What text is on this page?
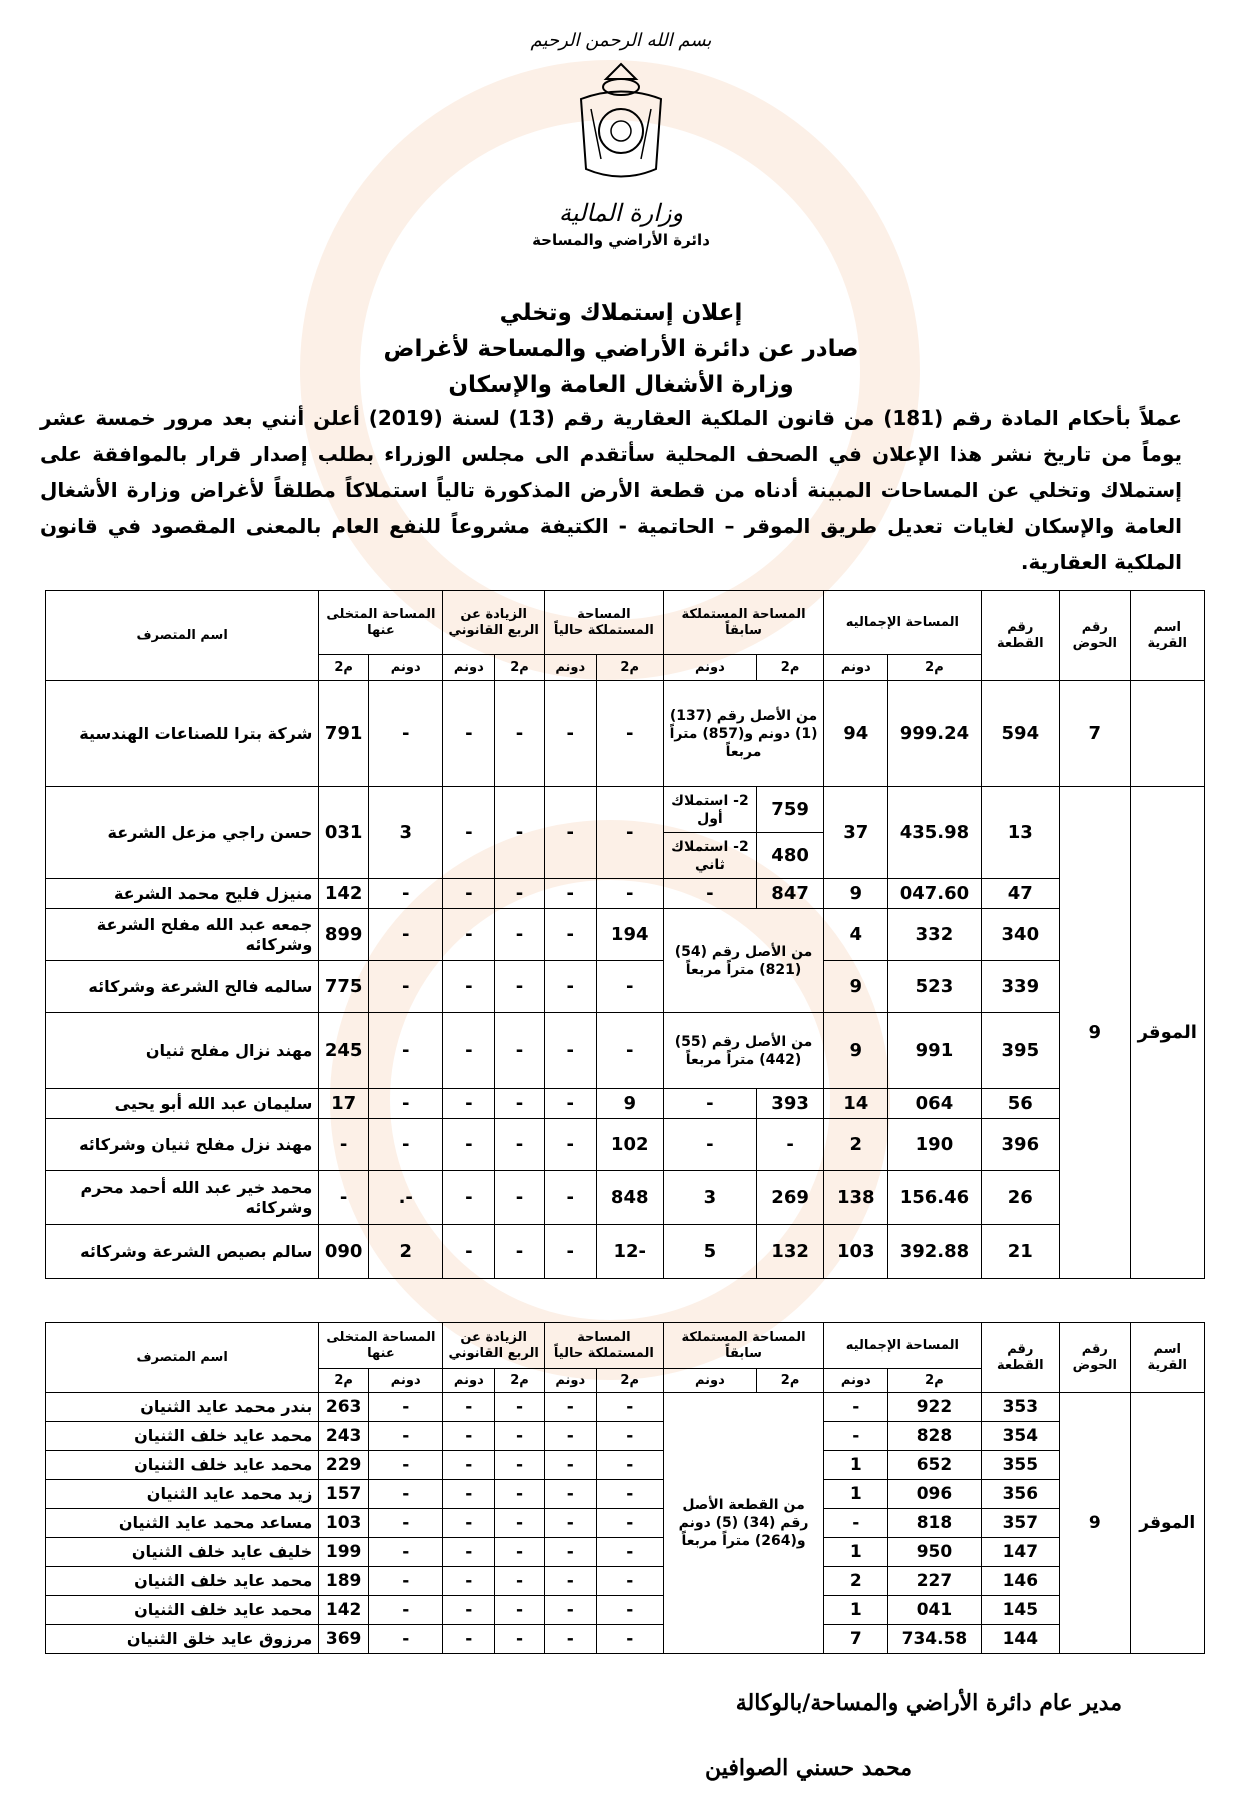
بسم الله الرحمن الرحيم
وزارة المالية
دائرة الأراضي والمساحة
إعلان إستملاك وتخلي
صادر عن دائرة الأراضي والمساحة لأغراض
وزارة الأشغال العامة والإسكان
عملاً بأحكام المادة رقم (181) من قانون الملكية العقارية رقم (13) لسنة (2019) أعلن أنني بعد مرور خمسة عشر يوماً من تاريخ نشر هذا الإعلان في الصحف المحلية سأتقدم الى مجلس الوزراء بطلب إصدار قرار بالموافقة على إستملاك وتخلي عن المساحات المبينة أدناه من قطعة الأرض المذكورة تالياً استملاكاً مطلقاً لأغراض وزارة الأشغال العامة والإسكان لغايات تعديل طريق الموقر – الحاتمية - الكتيفة مشروعاً للنفع العام بالمعنى المقصود في قانون الملكية العقارية.
اسم القرية	رقم الحوض	رقم القطعة	المساحة الإجماليه		المساحة المستملكة سابقاً		المساحة المستملكة حالياً		الزيادة عن الربع القانوني		المساحة المتخلى عنها		اسم المتصرف
			م2	دونم	م2	دونم	م2	دونم	م2	دونم	دونم	م2	
	7	594	999.24	94	من الأصل رقم (137) (1) دونم و(857) متراً مربعاً		-	-	-	-	-	791	شركة بترا للصناعات الهندسية
الموقر	9	13	435.98	37	759	2- استملاك أول	-	-	-	-	3	031	حسن راجي مزعل الشرعة
					480	2- استملاك ثاني							
		47	047.60	9	847	-	-	-	-	-	-	142	منيزل فليح محمد الشرعة
		340	332	4	من الأصل رقم (54) (821) متراً مربعاً		194	-	-	-	-	899	جمعه عبد الله مفلح الشرعة وشركائه
		339	523	9			-	-	-	-	-	775	سالمه فالح الشرعة وشركائه
		395	991	9	من الأصل رقم (55) (442) متراً مربعاً		-	-	-	-	-	245	مهند نزال مفلح ثنيان
		56	064	14	393	-	9	-	-	-	-	17	سليمان عبد الله أبو يحيى
		396	190	2	-	-	102	-	-	-	-	-	مهند نزل مفلح ثنيان وشركائه
		26	156.46	138	269	3	848	-	-	-	-.	-	محمد خير عبد الله أحمد محرم وشركائه
		21	392.88	103	132	5	-12	-	-	-	2	090	سالم بصيص الشرعة وشركائه
اسم القرية	رقم الحوض	رقم القطعة	المساحة الإجماليه		المساحة المستملكة سابقاً		المساحة المستملكة حالياً		الزيادة عن الربع القانوني		المساحة المتخلى عنها		اسم المتصرف
			م2	دونم	م2	دونم	م2	دونم	م2	دونم	دونم	م2	
الموقر	9	353	922	-	من القطعة الأصل رقم (34) (5) دونم و(264) متراً مربعاً		-	-	-	-	-	263	بندر محمد عايد الثنيان
		354	828	-			-	-	-	-	-	243	محمد عايد خلف الثنيان
		355	652	1			-	-	-	-	-	229	محمد عايد خلف الثنيان
		356	096	1			-	-	-	-	-	157	زيد محمد عايد الثنيان
		357	818	-			-	-	-	-	-	103	مساعد محمد عايد الثنيان
		147	950	1			-	-	-	-	-	199	خليف عايد خلف الثنيان
		146	227	2			-	-	-	-	-	189	محمد عايد خلف الثنيان
		145	041	1			-	-	-	-	-	142	محمد عايد خلف الثنيان
		144	734.58	7			-	-	-	-	-	369	مرزوق عايد خلق الثنيان
مدير عام دائرة الأراضي والمساحة/بالوكالة
محمد حسني الصوافين
